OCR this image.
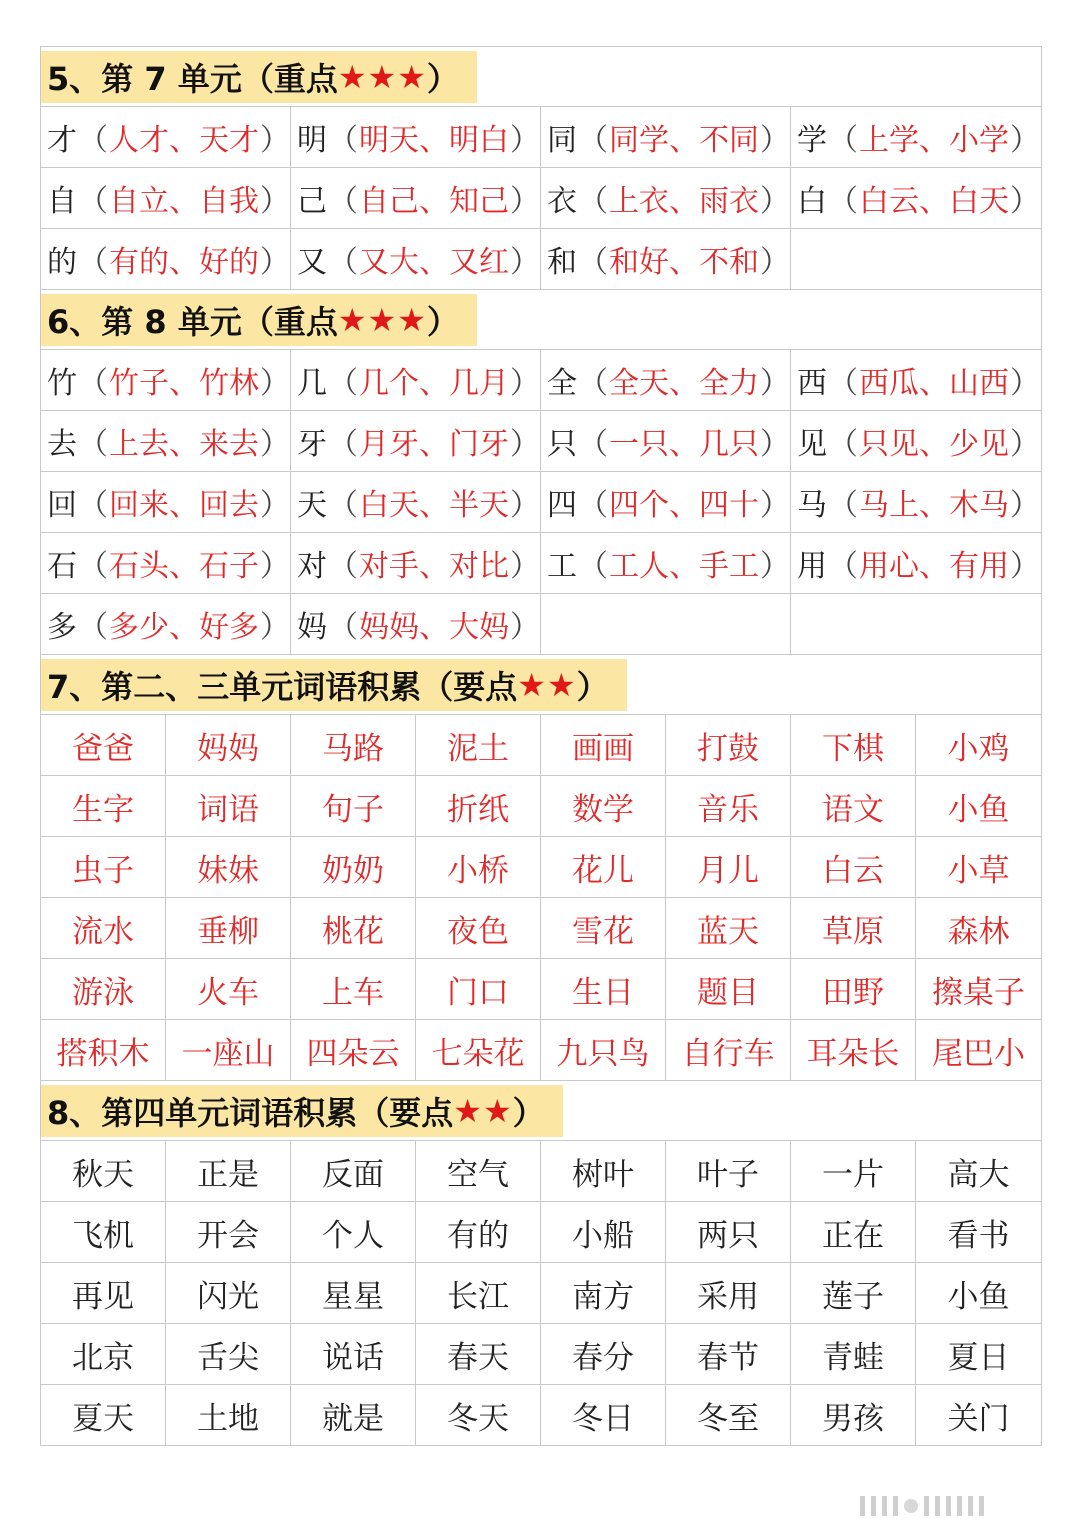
5、第 7 单元（重点 ★★★ ）
才 （ 人才、天才 ） 明 （ 明天、明白 ） 同 （ 同学、不同 ） 学 （ 上学、小学 ）
自 （ 自立、自我 ） 己 （ 自己、知己 ） 衣 （ 上衣、雨衣 ） 白 （ 白云、白天 ）
的 （ 有的、好的 ） 又 （ 又大、又红 ） 和 （ 和好、不和 ）
6、第 8 单元（重点 ★★★ ）
竹 （ 竹子、竹林 ） 几 （ 几个、几月 ） 全 （ 全天、全力 ） 西 （ 西瓜、山西 ）
去 （ 上去、来去 ） 牙 （ 月牙、门牙 ） 只 （ 一只、几只 ） 见 （ 只见、少见 ）
回 （ 回来、回去 ） 天 （ 白天、半天 ） 四 （ 四个、四十 ） 马 （ 马上、木马 ）
石 （ 石头、石子 ） 对 （ 对手、对比 ） 工 （ 工人、手工 ） 用 （ 用心、有用 ）
多 （ 多少、好多 ） 妈 （ 妈妈、大妈 ）
7、第二、三单元词语积累（要点 ★★ ）
爸爸	妈妈	马路	泥土	画画	打鼓	下棋	小鸡
生字	词语	句子	折纸	数学	音乐	语文	小鱼
虫子	妹妹	奶奶	小桥	花儿	月儿	白云	小草
流水	垂柳	桃花	夜色	雪花	蓝天	草原	森林
游泳	火车	上车	门口	生日	题目	田野	擦桌子
搭积木	一座山	四朵云	七朵花	九只鸟	自行车	耳朵长	尾巴小
8、第四单元词语积累（要点 ★★ ）
秋天	正是	反面	空气	树叶	叶子	一片	高大
飞机	开会	个人	有的	小船	两只	正在	看书
再见	闪光	星星	长江	南方	采用	莲子	小鱼
北京	舌尖	说话	春天	春分	春节	青蛙	夏日
夏天	土地	就是	冬天	冬日	冬至	男孩	关门
